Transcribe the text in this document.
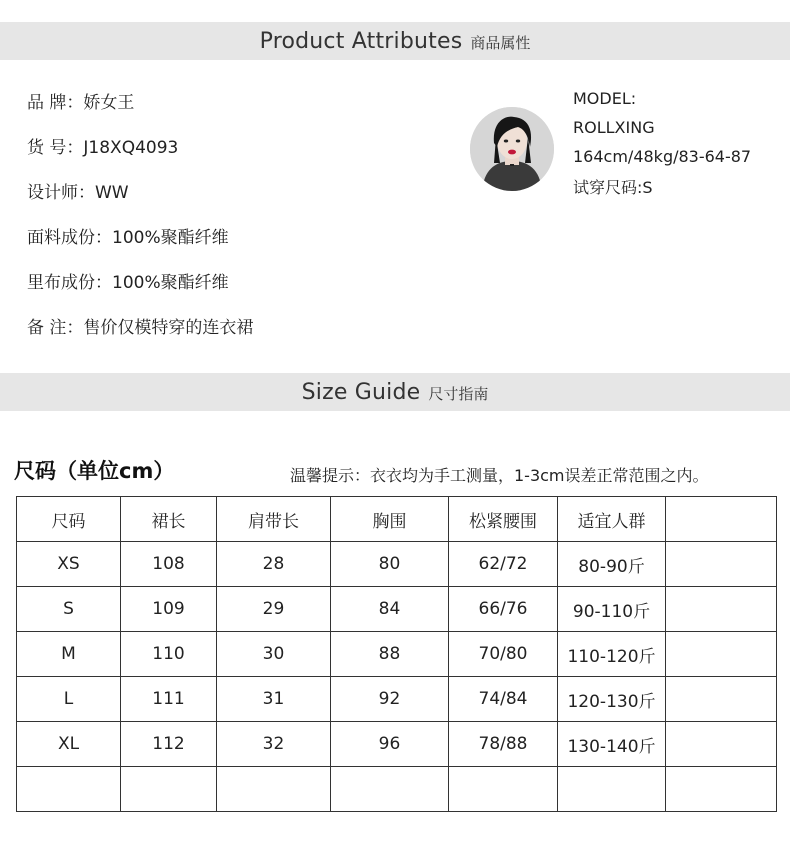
Product Attributes 商品属性
品 牌：娇女王
货 号：J18XQ4093
设计师：WW
面料成份：100%聚酯纤维
里布成份：100%聚酯纤维
备 注：售价仅模特穿的连衣裙
MODEL:
ROLLXING
164cm/48kg/83-64-87
试穿尺码:S
Size Guide 尺寸指南
尺码（单位cm）	温馨提示：衣衣均为手工测量，1-3cm误差正常范围之内。
尺码	裙长	肩带长	胸围	松紧腰围	适宜人群	
XS	108	28	80	62/72	80-90斤	
S	109	29	84	66/76	90-110斤	
M	110	30	88	70/80	110-120斤	
L	111	31	92	74/84	120-130斤	
XL	112	32	96	78/88	130-140斤	
